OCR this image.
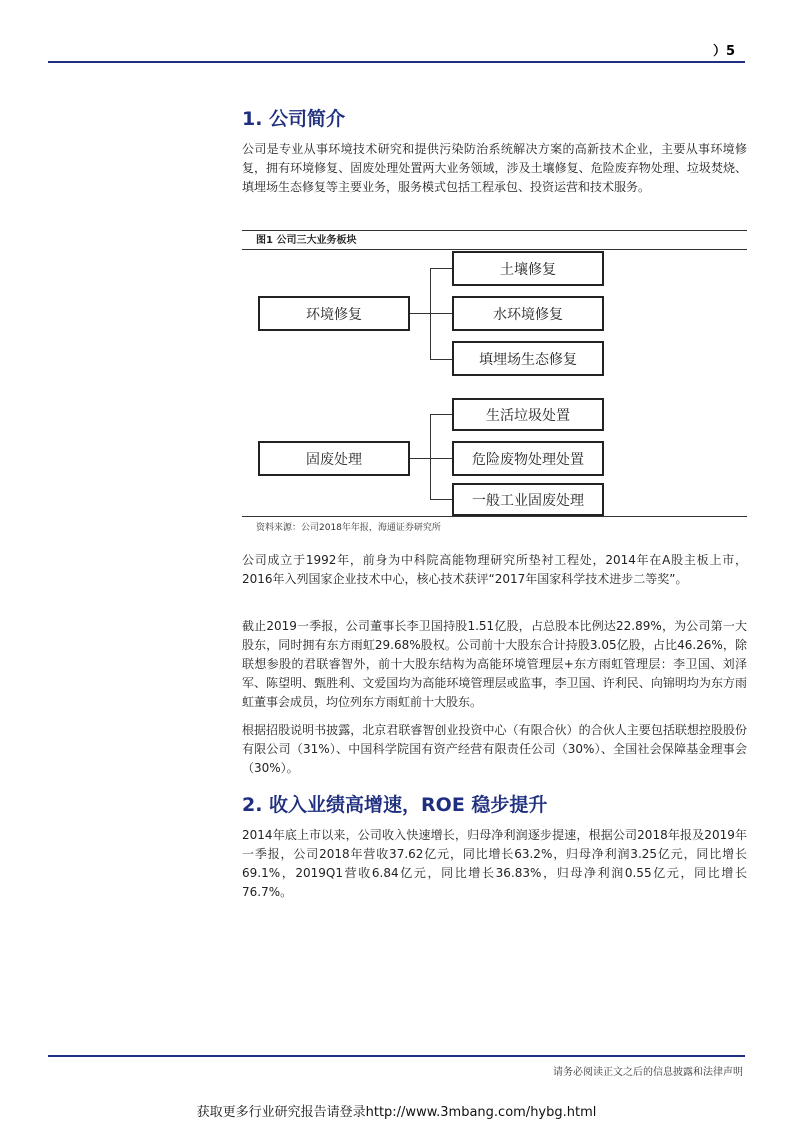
）5
1. 公司简介

公司是专业从事环境技术研究和提供污染防治系统解决方案的高新技术企业，主要从事环境修复，拥有环境修复、固废处理处置两大业务领域，涉及土壤修复、危险废弃物处理、垃圾焚烧、填埋场生态修复等主要业务，服务模式包括工程承包、投资运营和技术服务。

图1 公司三大业务板块
环境修复
土壤修复
水环境修复
填埋场生态修复
固废处理
生活垃圾处置
危险废物处理处置
一般工业固废处理
资料来源：公司2018年年报，海通证券研究所

公司成立于1992年，前身为中科院高能物理研究所垫衬工程处，2014年在A股主板上市，2016年入列国家企业技术中心，核心技术获评“2017年国家科学技术进步二等奖”。

截止2019一季报，公司董事长李卫国持股1.51亿股，占总股本比例达22.89%，为公司第一大股东，同时拥有东方雨虹29.68%股权。公司前十大股东合计持股3.05亿股，占比46.26%，除联想参股的君联睿智外，前十大股东结构为高能环境管理层+东方雨虹管理层：李卫国、刘泽军、陈望明、甄胜利、文爱国均为高能环境管理层或监事，李卫国、许利民、向锦明均为东方雨虹董事会成员，均位列东方雨虹前十大股东。

根据招股说明书披露，北京君联睿智创业投资中心（有限合伙）的合伙人主要包括联想控股股份有限公司（31%）、中国科学院国有资产经营有限责任公司（30%）、全国社会保障基金理事会（30%）。

2. 收入业绩高增速，ROE 稳步提升

2014年底上市以来，公司收入快速增长，归母净利润逐步提速，根据公司2018年报及2019年一季报，公司2018年营收37.62亿元，同比增长63.2%，归母净利润3.25亿元，同比增长69.1%，2019Q1营收6.84亿元，同比增长36.83%，归母净利润0.55亿元，同比增长76.7%。

请务必阅读正文之后的信息披露和法律声明
获取更多行业研究报告请登录http://www.3mbang.com/hybg.html
